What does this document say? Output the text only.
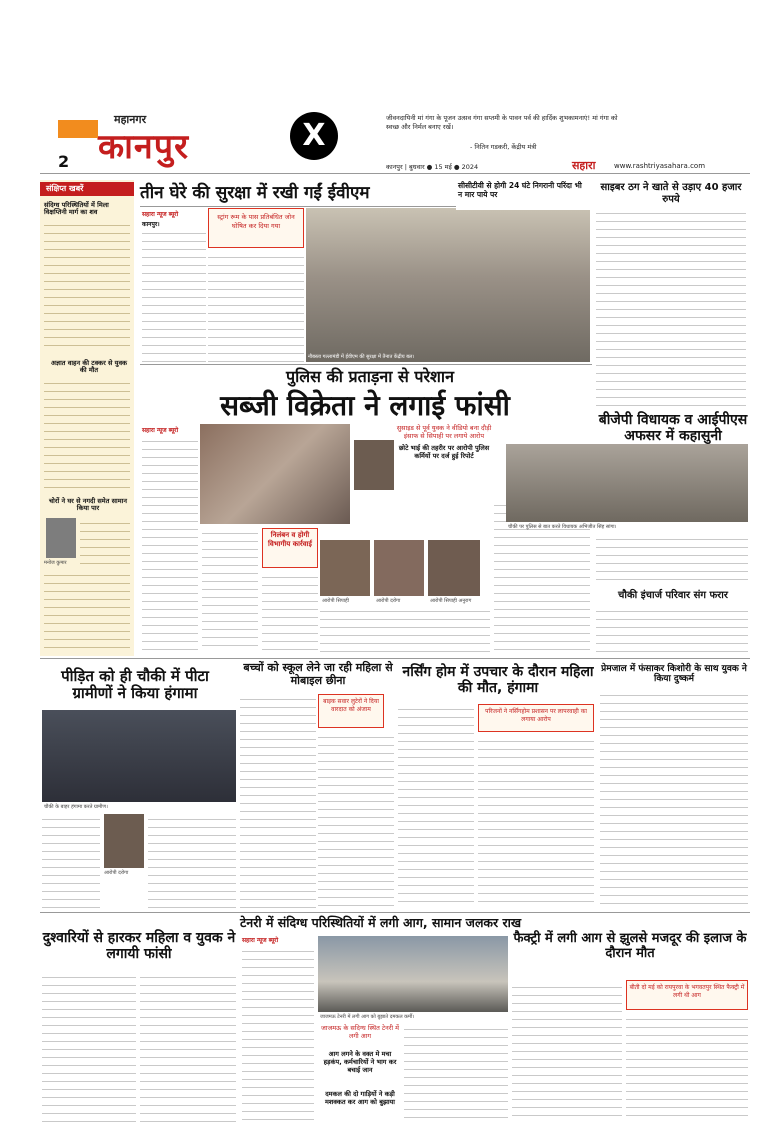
महानगर
कानपुर	X
2
जीवनदायिनी मां गंगा के पूजन उत्सव गंगा सप्तमी के पावन पर्व की हार्दिक शुभकामनाएं! मां गंगा को स्वच्छ और निर्मल बनाए रखें।
- नितिन गडकरी, केंद्रीय मंत्री
कानपुर | बुधवार ● 15 मई ● 2024	सहारा	www.rashtriyasahara.com
संक्षिप्त खबरें
संदिग्ध परिस्थितियों में मिला विक्षप्तिनी मार्ग का शव
अज्ञात वाहन की टक्कर से युवक की मौत
चोरों ने घर से नगदी समेत सामान किया पार
मनोज कुमार
तीन घेरे की सुरक्षा में रखी गईं ईवीएम
सहारा न्यूज ब्यूरो
कानपुर।
स्ट्रांग रूम के पास प्रतिबंधित जोन घोषित कर दिया गया
सीसीटीवी से होगी 24 घंटे निगरानी परिंदा भी न मार पाये पर
नौबस्ता गल्लामंडी में ईवीएम की सुरक्षा में तैनात केंद्रीय बल।
साइबर ठग ने खाते से उड़ाए 40 हजार रुपये
पुलिस की प्रताड़ना से परेशान
सब्जी विक्रेता ने लगाई फांसी
सहारा न्यूज ब्यूरो	सुसाइड से पूर्व युवक ने वीडियो बना दौड़ी इंसाफ से सिपाही पर लगाये आरोप
छोटे भाई की तहरीर पर आरोपी पुलिस कर्मियों पर दर्ज हुई रिपोर्ट
निलंबन व होगी विभागीय कार्रवाई
आरोपी सिपाही	आरोपी दरोगा	आरोपी सिपाही अनुराग
बीजेपी विधायक व आईपीएस अफसर में कहासुनी
चौकी पर पुलिस से बात करते विधायक अभिजीत सिंह सांगा।
चौकी इंचार्ज परिवार संग फरार
पीड़ित को ही चौकी में पीटा ग्रामीणों ने किया हंगामा
चौकी के बाहर हंगामा करते ग्रामीण।
आरोपी दरोगा
बच्चों को स्कूल लेने जा रही महिला से मोबाइल छीना
बाइक सवार लुटेरों ने दिया वारदात को अंजाम
नर्सिंग होम में उपचार के दौरान महिला की मौत, हंगामा
परिजनों ने नर्सिंगहोम प्रशासन पर लापरवाही का लगाया आरोप
प्रेमजाल में फंसाकर किशोरी के साथ युवक ने किया दुष्कर्म
टेनरी में संदिग्ध परिस्थितियों में लगी आग, सामान जलकर राख
सहारा न्यूज ब्यूरो
जाजमऊ टेनरी में लगी आग को बुझाते दमकल कर्मी।
जाजमऊ के सदिग्ध स्थित टेनरी में लगी आग
आग लगने के वक्त मे मचा हड़कंप, कर्मचारियों ने भाग कर बचाई जान
दमकल की दो गाड़ियों ने कड़ी मशक्कत कर आग को बुझाया
दुश्वारियों से हारकर महिला व युवक ने लगायी फांसी
फैक्ट्री में लगी आग से झुलसे मजदूर की इलाज के दौरान मौत
बीती दो मई को रायपुरवा के भगवतपुर स्थित फैक्ट्री में लगी थी आग
